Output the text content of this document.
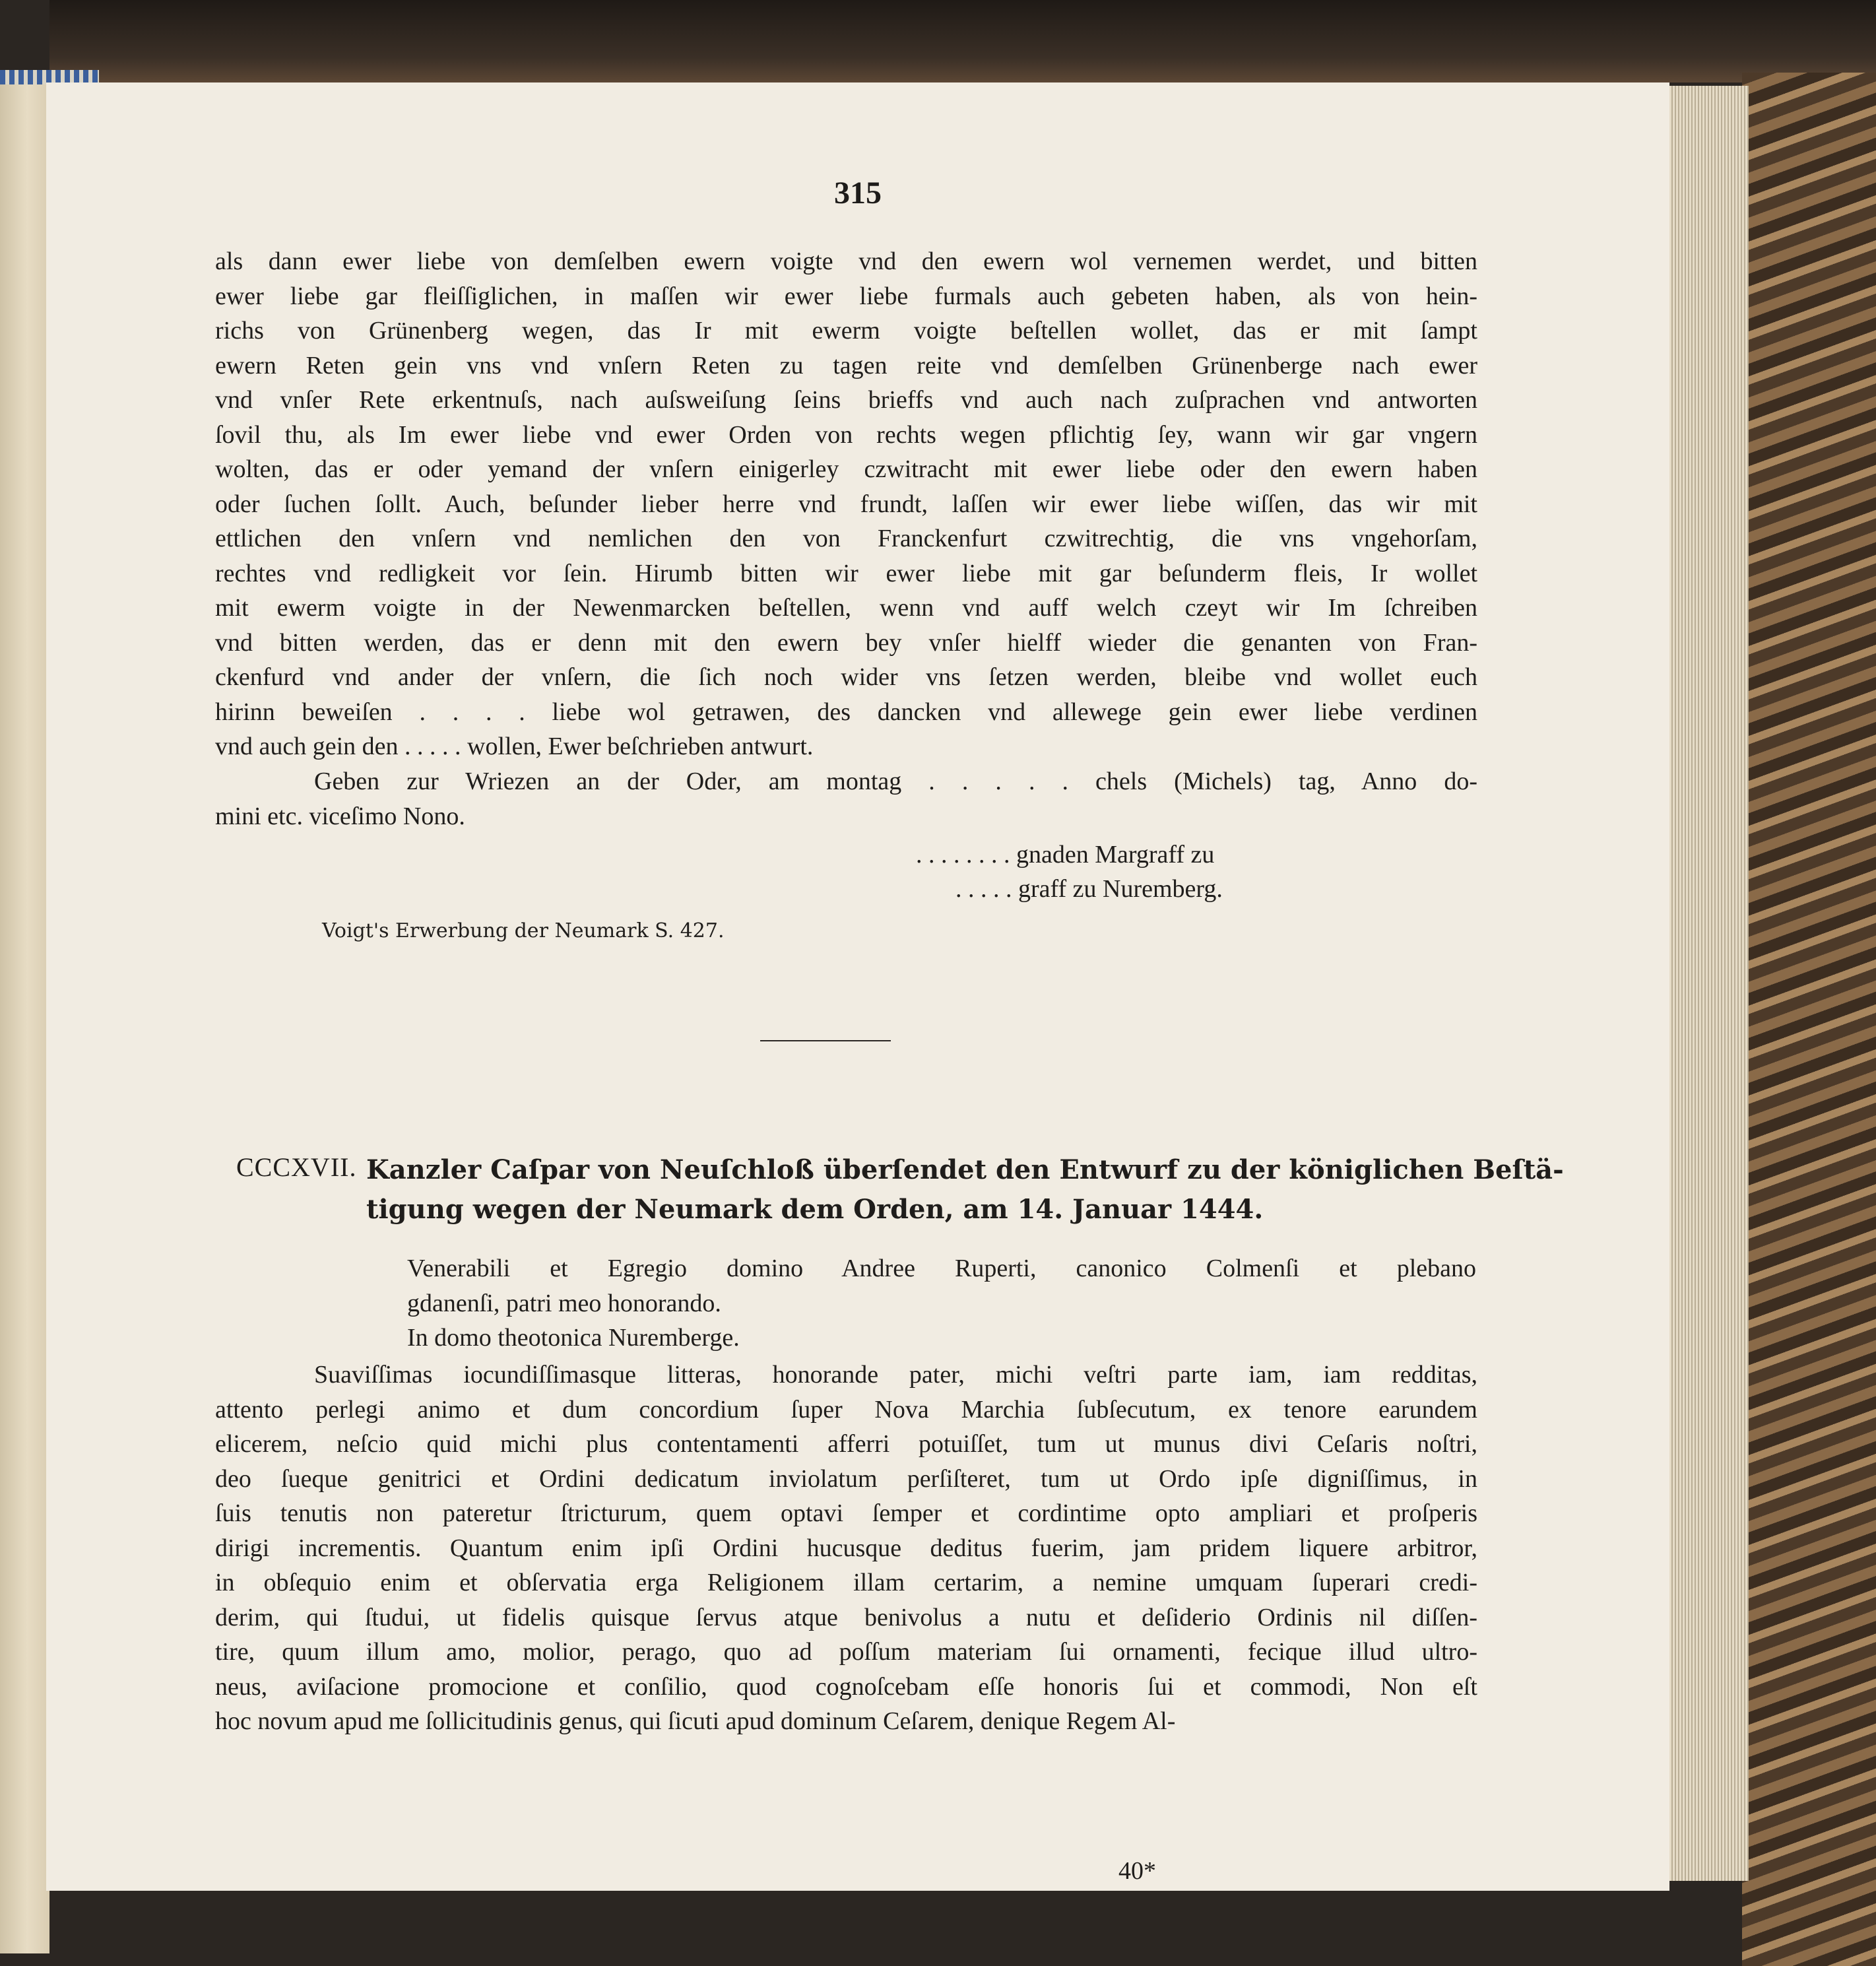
315
als dann ewer liebe von demſelben ewern voigte vnd den ewern wol vernemen werdet, und bitten
ewer liebe gar fleiſſiglichen, in maſſen wir ewer liebe furmals auch gebeten haben, als von hein-
richs von Grünenberg wegen, das Ir mit ewerm voigte beſtellen wollet, das er mit ſampt
ewern Reten gein vns vnd vnſern Reten zu tagen reite vnd demſelben Grünenberge nach ewer
vnd vnſer Rete erkentnuſs, nach auſsweiſung ſeins brieffs vnd auch nach zuſprachen vnd antworten
ſovil thu, als Im ewer liebe vnd ewer Orden von rechts wegen pflichtig ſey, wann wir gar vngern
wolten, das er oder yemand der vnſern einigerley czwitracht mit ewer liebe oder den ewern haben
oder ſuchen ſollt. Auch, beſunder lieber herre vnd frundt, laſſen wir ewer liebe wiſſen, das wir mit
ettlichen den vnſern vnd nemlichen den von Franckenfurt czwitrechtig, die vns vngehorſam,
rechtes vnd redligkeit vor ſein. Hirumb bitten wir ewer liebe mit gar beſunderm fleis, Ir wollet
mit ewerm voigte in der Newenmarcken beſtellen, wenn vnd auff welch czeyt wir Im ſchreiben
vnd bitten werden, das er denn mit den ewern bey vnſer hielff wieder die genanten von Fran-
ckenfurd vnd ander der vnſern, die ſich noch wider vns ſetzen werden, bleibe vnd wollet euch
hirinn beweiſen . . . . liebe wol getrawen, des dancken vnd allewege gein ewer liebe verdinen
vnd auch gein den . . . . . wollen, Ewer beſchrieben antwurt.
Geben zur Wriezen an der Oder, am montag . . . . . chels (Michels) tag, Anno do-
mini etc. viceſimo Nono.
. . . . . . . . gnaden Margraff zu
. . . . . graff zu Nuremberg.
Voigt's Erwerbung der Neumark S. 427.
CCCXVII. Kanzler Caſpar von Neuſchloß überſendet den Entwurf zu der königlichen Beſtä-
tigung wegen der Neumark dem Orden, am 14. Januar 1444.
Venerabili et Egregio domino Andree Ruperti, canonico Colmenſi et plebano
gdanenſi, patri meo honorando.
In domo theotonica Nuremberge.
Suaviſſimas iocundiſſimasque litteras, honorande pater, michi veſtri parte iam, iam redditas,
attento perlegi animo et dum concordium ſuper Nova Marchia ſubſecutum, ex tenore earundem
elicerem, neſcio quid michi plus contentamenti afferri potuiſſet, tum ut munus divi Ceſaris noſtri,
deo ſueque genitrici et Ordini dedicatum inviolatum perſiſteret, tum ut Ordo ipſe digniſſimus, in
ſuis tenutis non pateretur ſtricturum, quem optavi ſemper et cordintime opto ampliari et proſperis
dirigi incrementis. Quantum enim ipſi Ordini hucusque deditus fuerim, jam pridem liquere arbitror,
in obſequio enim et obſervatia erga Religionem illam certarim, a nemine umquam ſuperari credi-
derim, qui ſtudui, ut fidelis quisque ſervus atque benivolus a nutu et deſiderio Ordinis nil diſſen-
tire, quum illum amo, molior, perago, quo ad poſſum materiam ſui ornamenti, fecique illud ultro-
neus, aviſacione promocione et conſilio, quod cognoſcebam eſſe honoris ſui et commodi, Non eſt
hoc novum apud me ſollicitudinis genus, qui ſicuti apud dominum Ceſarem, denique Regem Al-
40*
